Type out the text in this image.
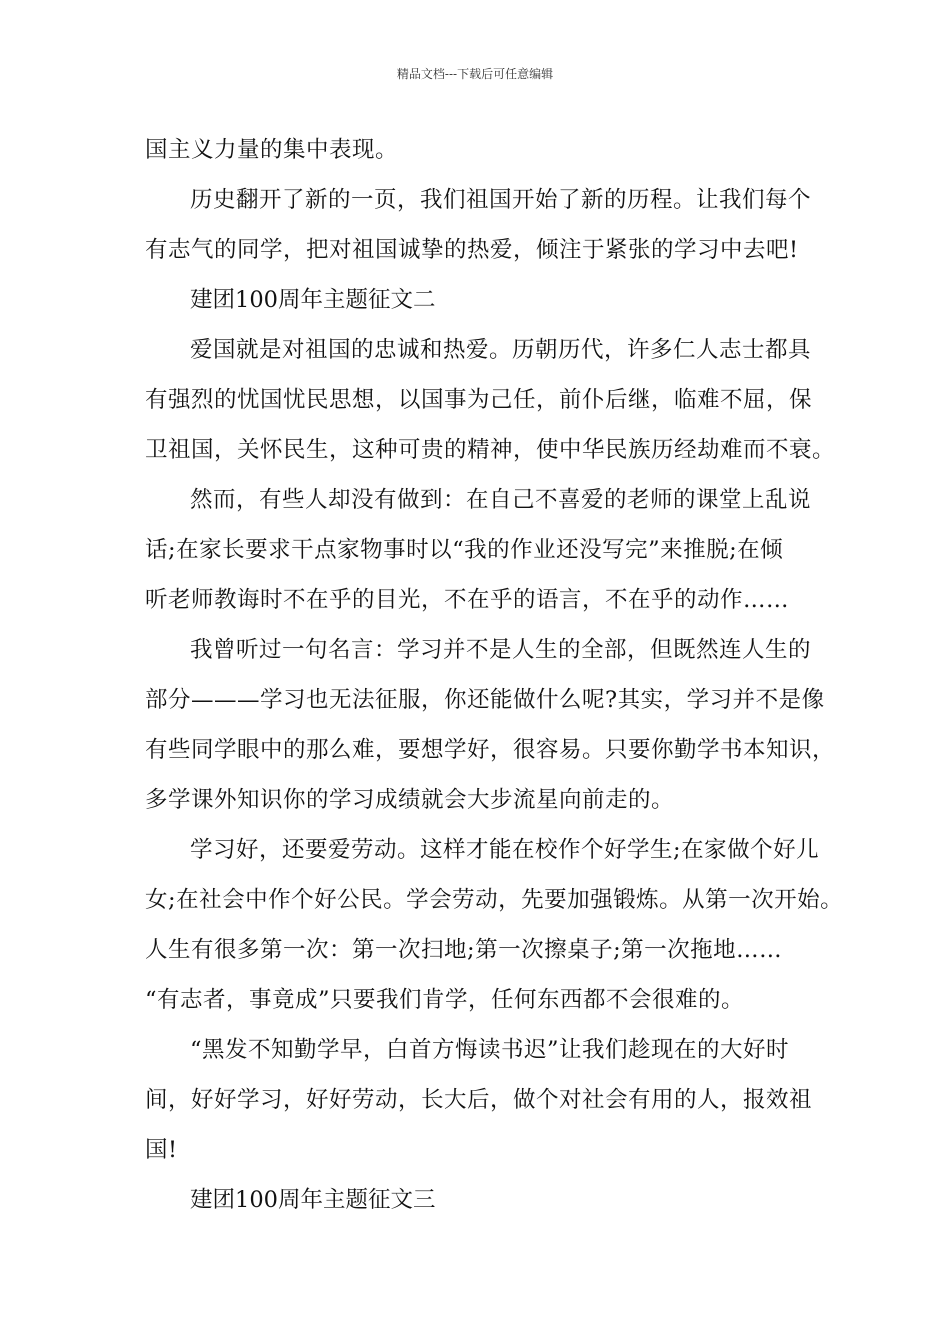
精品文档---下载后可任意编辑
国主义力量的集中表现。
历史翻开了新的一页，我们祖国开始了新的历程。让我们每个
有志气的同学，把对祖国诚挚的热爱，倾注于紧张的学习中去吧!
建团100周年主题征文二
爱国就是对祖国的忠诚和热爱。历朝历代，许多仁人志士都具
有强烈的忧国忧民思想，以国事为己任，前仆后继，临难不屈，保
卫祖国，关怀民生，这种可贵的精神，使中华民族历经劫难而不衰。
然而，有些人却没有做到：在自己不喜爱的老师的课堂上乱说
话;在家长要求干点家物事时以“我的作业还没写完”来推脱;在倾
听老师教诲时不在乎的目光，不在乎的语言，不在乎的动作……
我曾听过一句名言：学习并不是人生的全部，但既然连人生的
部分———学习也无法征服，你还能做什么呢?其实，学习并不是像
有些同学眼中的那么难，要想学好，很容易。只要你勤学书本知识，
多学课外知识你的学习成绩就会大步流星向前走的。
学习好，还要爱劳动。这样才能在校作个好学生;在家做个好儿
女;在社会中作个好公民。学会劳动，先要加强锻炼。从第一次开始。
人生有很多第一次：第一次扫地;第一次擦桌子;第一次拖地……
“有志者，事竟成”只要我们肯学，任何东西都不会很难的。
“黑发不知勤学早，白首方悔读书迟”让我们趁现在的大好时
间，好好学习，好好劳动，长大后，做个对社会有用的人，报效祖
国!
建团100周年主题征文三
